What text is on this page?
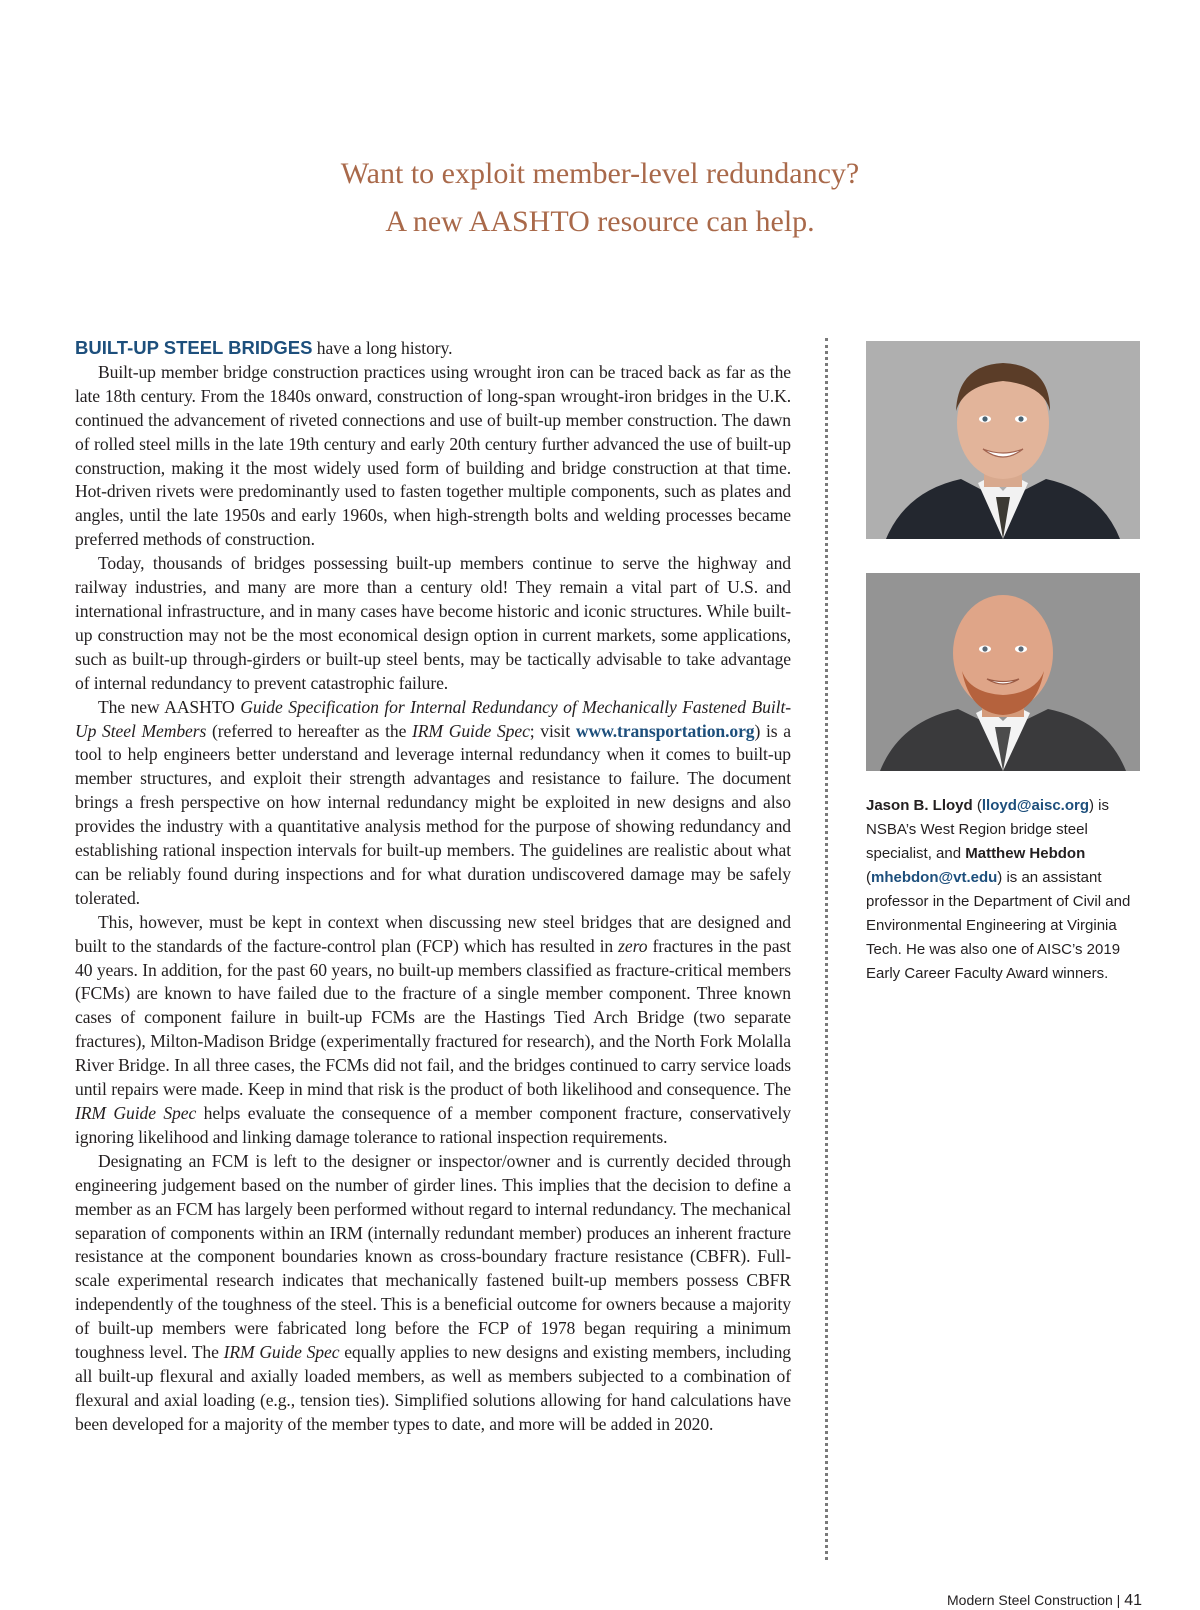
Want to exploit member-level redundancy?
A new AASHTO resource can help.

BUILT-UP STEEL BRIDGES have a long history.

Built-up member bridge construction practices using wrought iron can be traced back as far as the late 18th century. From the 1840s onward, construction of long-span wrought-iron bridges in the U.K. continued the advancement of riveted connections and use of built-up member construction. The dawn of rolled steel mills in the late 19th century and early 20th century further advanced the use of built-up construction, making it the most widely used form of building and bridge construction at that time. Hot-driven rivets were predominantly used to fasten together multiple components, such as plates and angles, until the late 1950s and early 1960s, when high-strength bolts and welding processes became preferred methods of construction.

Today, thousands of bridges possessing built-up members continue to serve the highway and railway industries, and many are more than a century old! They remain a vital part of U.S. and international infrastructure, and in many cases have become historic and iconic structures. While built-up construction may not be the most economical design option in current markets, some applications, such as built-up through-girders or built-up steel bents, may be tactically advisable to take advantage of internal redundancy to prevent catastrophic failure.

The new AASHTO Guide Specification for Internal Redundancy of Mechanically Fastened Built-Up Steel Members (referred to hereafter as the IRM Guide Spec; visit www.transportation.org) is a tool to help engineers better understand and leverage internal redundancy when it comes to built-up member structures, and exploit their strength advantages and resistance to failure. The document brings a fresh perspective on how internal redundancy might be exploited in new designs and also provides the industry with a quantitative analysis method for the purpose of showing redundancy and establishing rational inspection intervals for built-up members. The guidelines are realistic about what can be reliably found during inspections and for what duration undiscovered damage may be safely tolerated.

This, however, must be kept in context when discussing new steel bridges that are designed and built to the standards of the facture-control plan (FCP) which has resulted in zero fractures in the past 40 years. In addition, for the past 60 years, no built-up members classified as fracture-critical members (FCMs) are known to have failed due to the fracture of a single member component. Three known cases of component failure in built-up FCMs are the Hastings Tied Arch Bridge (two separate fractures), Milton-Madison Bridge (experimentally fractured for research), and the North Fork Molalla River Bridge. In all three cases, the FCMs did not fail, and the bridges continued to carry service loads until repairs were made. Keep in mind that risk is the product of both likelihood and consequence. The IRM Guide Spec helps evaluate the consequence of a member component fracture, conservatively ignoring likelihood and linking damage tolerance to rational inspection requirements.

Designating an FCM is left to the designer or inspector/owner and is currently decided through engineering judgement based on the number of girder lines. This implies that the decision to define a member as an FCM has largely been performed without regard to internal redundancy. The mechanical separation of components within an IRM (internally redundant member) produces an inherent fracture resistance at the component boundaries known as cross-boundary fracture resistance (CBFR). Full-scale experimental research indicates that mechanically fastened built-up members possess CBFR independently of the toughness of the steel. This is a beneficial outcome for owners because a majority of built-up members were fabricated long before the FCP of 1978 began requiring a minimum toughness level. The IRM Guide Spec equally applies to new designs and existing members, including all built-up flexural and axially loaded members, as well as members subjected to a combination of flexural and axial loading (e.g., tension ties). Simplified solutions allowing for hand calculations have been developed for a majority of the member types to date, and more will be added in 2020.

Jason B. Lloyd (lloyd@aisc.org) is NSBA’s West Region bridge steel specialist, and Matthew Hebdon (mhebdon@vt.edu) is an assistant professor in the Department of Civil and Environmental Engineering at Virginia Tech. He was also one of AISC’s 2019 Early Career Faculty Award winners.
Modern Steel Construction | 41
